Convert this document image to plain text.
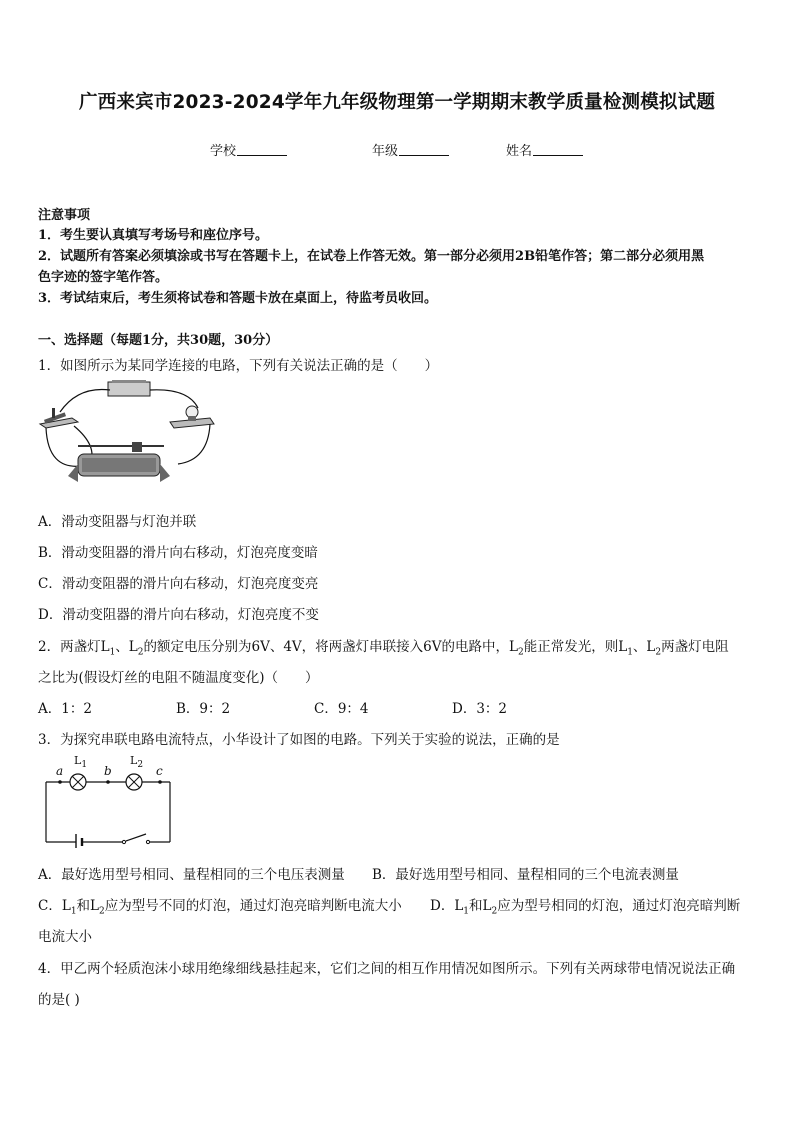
广西来宾市2023-2024学年九年级物理第一学期期末教学质量检测模拟试题
学校	年级	姓名
注意事项
1．考生要认真填写考场号和座位序号。
2．试题所有答案必须填涂或书写在答题卡上，在试卷上作答无效。第一部分必须用2B铅笔作答；第二部分必须用黑
色字迹的签字笔作答。
3．考试结束后，考生须将试卷和答题卡放在桌面上，待监考员收回。
一、选择题（每题1分，共30题，30分）
1．如图所示为某同学连接的电路，下列有关说法正确的是（　　）
A．滑动变阻器与灯泡并联
B．滑动变阻器的滑片向右移动，灯泡亮度变暗
C．滑动变阻器的滑片向右移动，灯泡亮度变亮
D．滑动变阻器的滑片向右移动，灯泡亮度不变
2．两盏灯$L_1$、$L_2$的额定电压分别为6V、4V，将两盏灯串联接入6V的电路中，$L_2$能正常发光，则$L_1$、$L_2$两盏灯电阻
之比为(假设灯丝的电阻不随温度变化)（　　）
A．1：2	B．9：2	C．9：4	D．3：2
3．为探究串联电路电流特点，小华设计了如图的电路。下列关于实验的说法，正确的是
a	b	c
$L_1$	$L_2$
A．最好选用型号相同、量程相同的三个电压表测量 B．最好选用型号相同、量程相同的三个电流表测量
C．$L_1$和$L_2$应为型号不同的灯泡，通过灯泡亮暗判断电流大小 D．$L_1$和$L_2$应为型号相同的灯泡，通过灯泡亮暗判断
电流大小
4．甲乙两个轻质泡沫小球用绝缘细线悬挂起来，它们之间的相互作用情况如图所示。下列有关两球带电情况说法正确
的是( )
